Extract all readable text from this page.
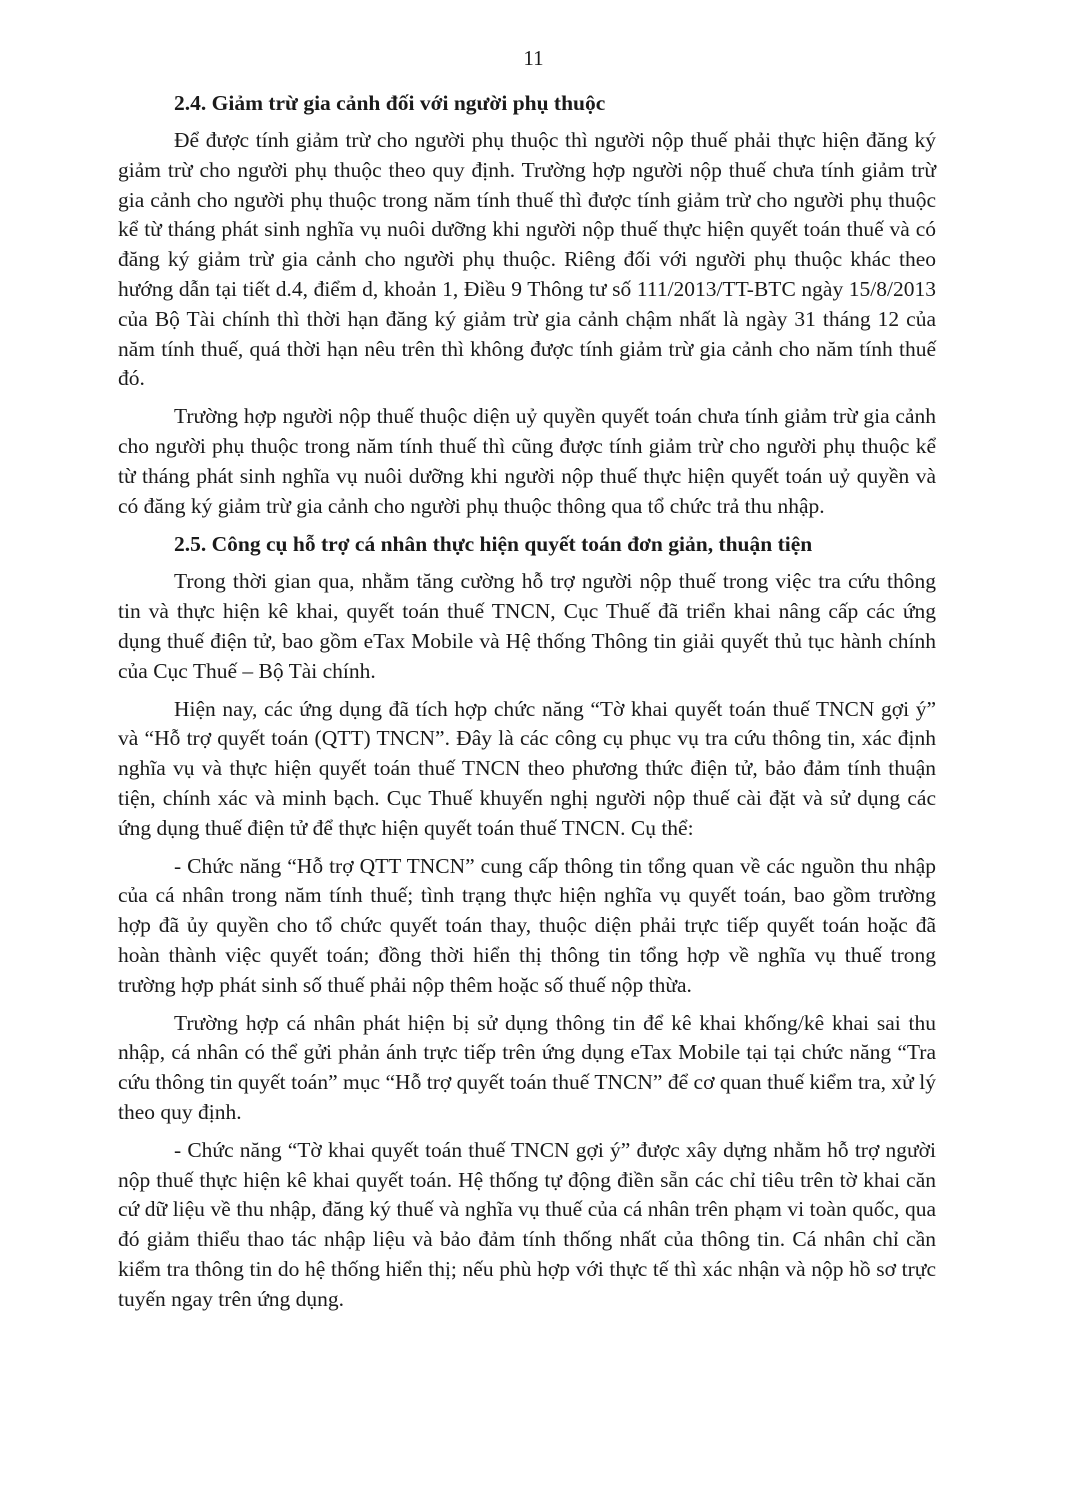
11
2.4. Giảm trừ gia cảnh đối với người phụ thuộc

Để được tính giảm trừ cho người phụ thuộc thì người nộp thuế phải thực hiện đăng ký giảm trừ cho người phụ thuộc theo quy định. Trường hợp người nộp thuế chưa tính giảm trừ gia cảnh cho người phụ thuộc trong năm tính thuế thì được tính giảm trừ cho người phụ thuộc kể từ tháng phát sinh nghĩa vụ nuôi dưỡng khi người nộp thuế thực hiện quyết toán thuế và có đăng ký giảm trừ gia cảnh cho người phụ thuộc. Riêng đối với người phụ thuộc khác theo hướng dẫn tại tiết d.4, điểm d, khoản 1, Điều 9 Thông tư số 111/2013/TT-BTC ngày 15/8/2013 của Bộ Tài chính thì thời hạn đăng ký giảm trừ gia cảnh chậm nhất là ngày 31 tháng 12 của năm tính thuế, quá thời hạn nêu trên thì không được tính giảm trừ gia cảnh cho năm tính thuế đó.

Trường hợp người nộp thuế thuộc diện uỷ quyền quyết toán chưa tính giảm trừ gia cảnh cho người phụ thuộc trong năm tính thuế thì cũng được tính giảm trừ cho người phụ thuộc kể từ tháng phát sinh nghĩa vụ nuôi dưỡng khi người nộp thuế thực hiện quyết toán uỷ quyền và có đăng ký giảm trừ gia cảnh cho người phụ thuộc thông qua tổ chức trả thu nhập.

2.5. Công cụ hỗ trợ cá nhân thực hiện quyết toán đơn giản, thuận tiện

Trong thời gian qua, nhằm tăng cường hỗ trợ người nộp thuế trong việc tra cứu thông tin và thực hiện kê khai, quyết toán thuế TNCN, Cục Thuế đã triển khai nâng cấp các ứng dụng thuế điện tử, bao gồm eTax Mobile và Hệ thống Thông tin giải quyết thủ tục hành chính của Cục Thuế – Bộ Tài chính.

Hiện nay, các ứng dụng đã tích hợp chức năng “Tờ khai quyết toán thuế TNCN gợi ý” và “Hỗ trợ quyết toán (QTT) TNCN”. Đây là các công cụ phục vụ tra cứu thông tin, xác định nghĩa vụ và thực hiện quyết toán thuế TNCN theo phương thức điện tử, bảo đảm tính thuận tiện, chính xác và minh bạch. Cục Thuế khuyến nghị người nộp thuế cài đặt và sử dụng các ứng dụng thuế điện tử để thực hiện quyết toán thuế TNCN. Cụ thể:

- Chức năng “Hỗ trợ QTT TNCN” cung cấp thông tin tổng quan về các nguồn thu nhập của cá nhân trong năm tính thuế; tình trạng thực hiện nghĩa vụ quyết toán, bao gồm trường hợp đã ủy quyền cho tổ chức quyết toán thay, thuộc diện phải trực tiếp quyết toán hoặc đã hoàn thành việc quyết toán; đồng thời hiển thị thông tin tổng hợp về nghĩa vụ thuế trong trường hợp phát sinh số thuế phải nộp thêm hoặc số thuế nộp thừa.

Trường hợp cá nhân phát hiện bị sử dụng thông tin để kê khai khống/kê khai sai thu nhập, cá nhân có thể gửi phản ánh trực tiếp trên ứng dụng eTax Mobile tại tại chức năng “Tra cứu thông tin quyết toán” mục “Hỗ trợ quyết toán thuế TNCN” để cơ quan thuế kiểm tra, xử lý theo quy định.

- Chức năng “Tờ khai quyết toán thuế TNCN gợi ý” được xây dựng nhằm hỗ trợ người nộp thuế thực hiện kê khai quyết toán. Hệ thống tự động điền sẵn các chỉ tiêu trên tờ khai căn cứ dữ liệu về thu nhập, đăng ký thuế và nghĩa vụ thuế của cá nhân trên phạm vi toàn quốc, qua đó giảm thiểu thao tác nhập liệu và bảo đảm tính thống nhất của thông tin. Cá nhân chỉ cần kiểm tra thông tin do hệ thống hiển thị; nếu phù hợp với thực tế thì xác nhận và nộp hồ sơ trực tuyến ngay trên ứng dụng.
